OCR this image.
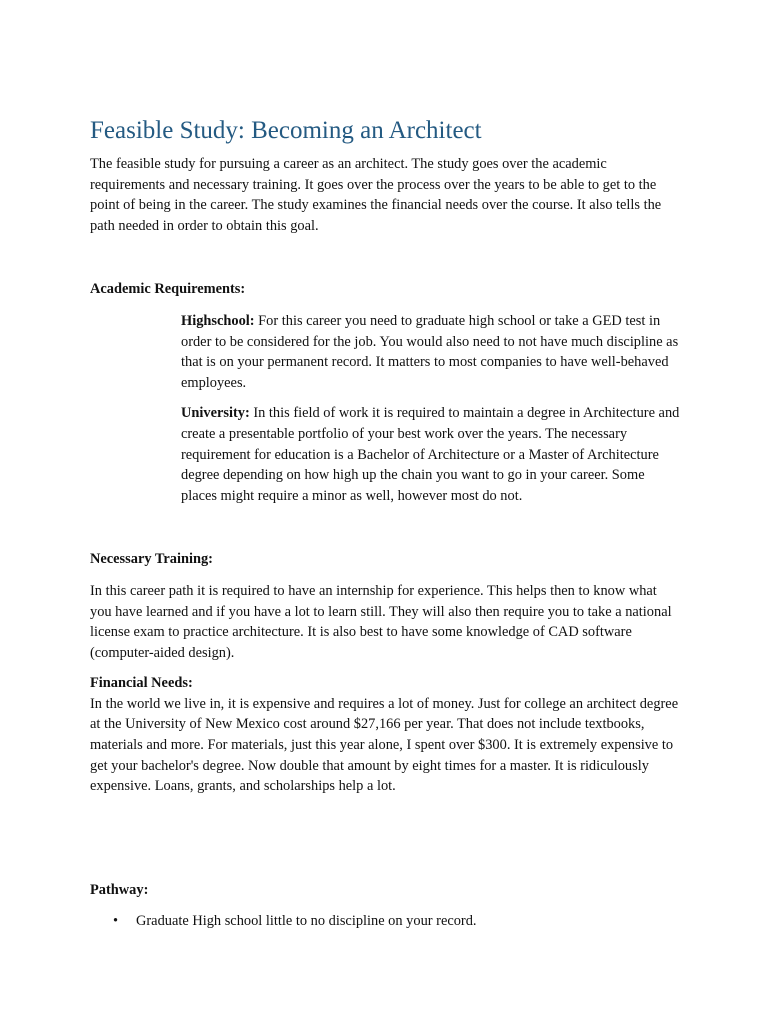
Feasible Study: Becoming an Architect

The feasible study for pursuing a career as an architect. The study goes over the academic requirements and necessary training. It goes over the process over the years to be able to get to the point of being in the career. The study examines the financial needs over the course. It also tells the path needed in order to obtain this goal.

Academic Requirements:

Highschool: For this career you need to graduate high school or take a GED test in order to be considered for the job. You would also need to not have much discipline as that is on your permanent record. It matters to most companies to have well-behaved employees.

University: In this field of work it is required to maintain a degree in Architecture and create a presentable portfolio of your best work over the years. The necessary requirement for education is a Bachelor of Architecture or a Master of Architecture degree depending on how high up the chain you want to go in your career. Some places might require a minor as well, however most do not.

Necessary Training:

In this career path it is required to have an internship for experience. This helps then to know what you have learned and if you have a lot to learn still. They will also then require you to take a national license exam to practice architecture. It is also best to have some knowledge of CAD software (computer-aided design).

Financial Needs:

In the world we live in, it is expensive and requires a lot of money. Just for college an architect degree at the University of New Mexico cost around $27,166 per year. That does not include textbooks, materials and more. For materials, just this year alone, I spent over $300. It is extremely expensive to get your bachelor's degree. Now double that amount by eight times for a master. It is ridiculously expensive. Loans, grants, and scholarships help a lot.

Pathway:
• Graduate High school little to no discipline on your record.
